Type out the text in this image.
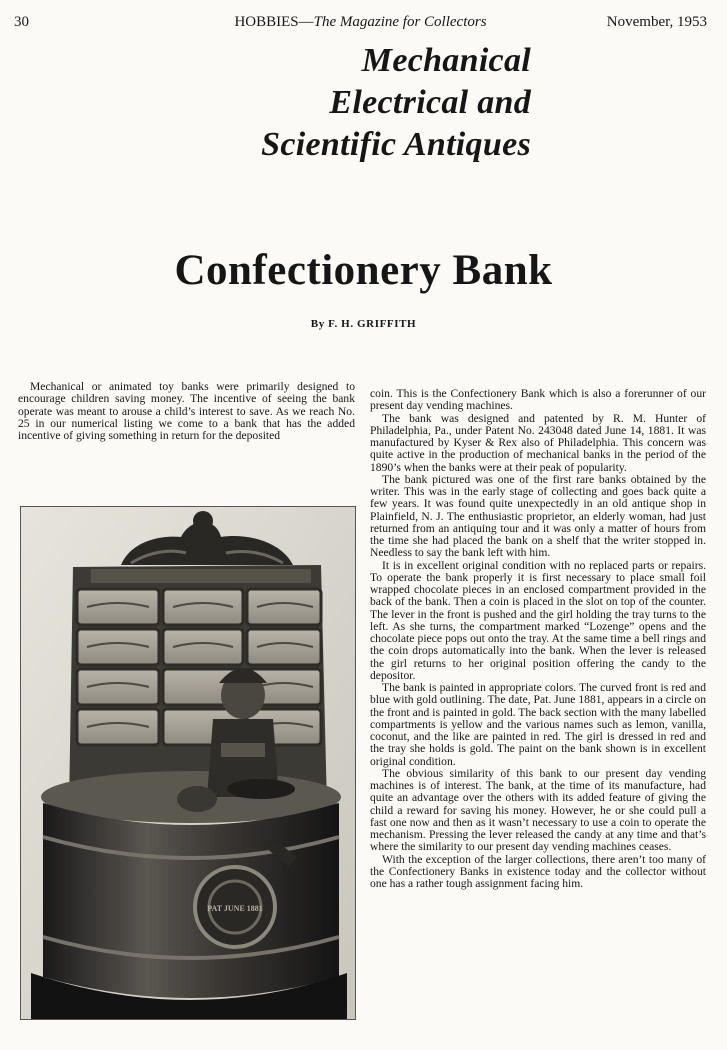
30	HOBBIES—The Magazine for Collectors	November, 1953
Mechanical
Electrical and
Scientific Antiques
Confectionery Bank
By F. H. GRIFFITH

Mechanical or animated toy banks were primarily designed to encourage children saving money. The incentive of seeing the bank operate was meant to arouse a child’s interest to save. As we reach No. 25 in our numerical listing we come to a bank that has the added incentive of giving something in return for the deposited

PAT JUNE 1881

coin. This is the Confectionery Bank which is also a forerunner of our present day vending machines.

The bank was designed and patented by R. M. Hunter of Philadelphia, Pa., under Patent No. 243048 dated June 14, 1881. It was manufactured by Kyser & Rex also of Philadelphia. This concern was quite active in the production of mechanical banks in the period of the 1890’s when the banks were at their peak of popularity.

The bank pictured was one of the first rare banks obtained by the writer. This was in the early stage of collecting and goes back quite a few years. It was found quite unexpectedly in an old antique shop in Plainfield, N. J. The enthusiastic proprietor, an elderly woman, had just returned from an antiquing tour and it was only a matter of hours from the time she had placed the bank on a shelf that the writer stopped in. Needless to say the bank left with him.

It is in excellent original condition with no replaced parts or repairs. To operate the bank properly it is first necessary to place small foil wrapped chocolate pieces in an enclosed compartment provided in the back of the bank. Then a coin is placed in the slot on top of the counter. The lever in the front is pushed and the girl holding the tray turns to the left. As she turns, the compartment marked “Lozenge” opens and the chocolate piece pops out onto the tray. At the same time a bell rings and the coin drops automatically into the bank. When the lever is released the girl returns to her original position offering the candy to the depositor.

The bank is painted in appropriate colors. The curved front is red and blue with gold outlining. The date, Pat. June 1881, appears in a circle on the front and is painted in gold. The back section with the many labelled compartments is yellow and the various names such as lemon, vanilla, coconut, and the like are painted in red. The girl is dressed in red and the tray she holds is gold. The paint on the bank shown is in excellent original condition.

The obvious similarity of this bank to our present day vending machines is of interest. The bank, at the time of its manufacture, had quite an advantage over the others with its added feature of giving the child a reward for saving his money. However, he or she could pull a fast one now and then as it wasn’t necessary to use a coin to operate the mechanism. Pressing the lever released the candy at any time and that’s where the similarity to our present day vending machines ceases.

With the exception of the larger collections, there aren’t too many of the Confectionery Banks in existence today and the collector without one has a rather tough assignment facing him.
